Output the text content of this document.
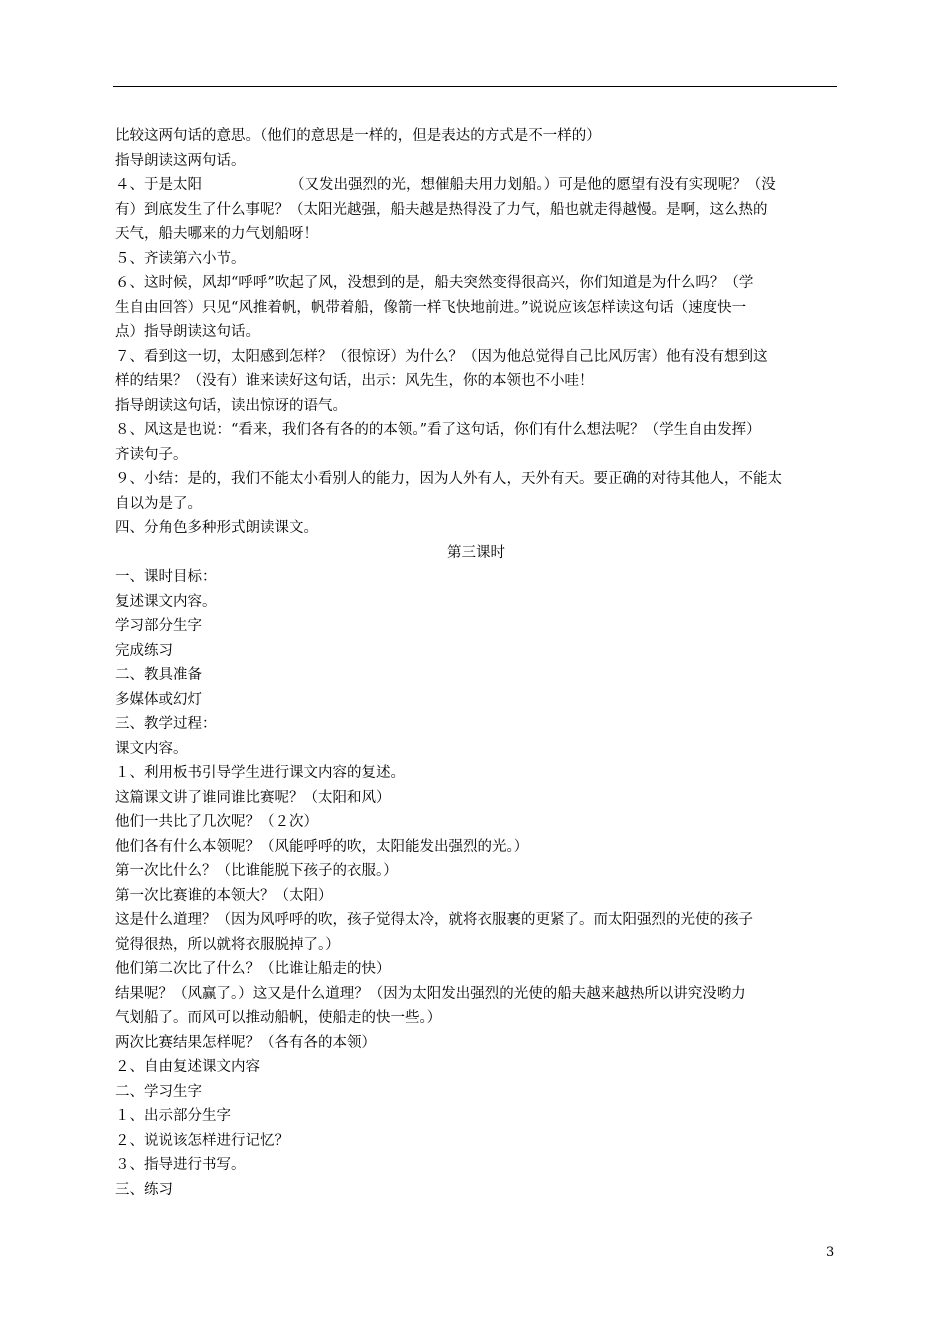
比较这两句话的意思。（他们的意思是一样的，但是表达的方式是不一样的）
指导朗读这两句话。
４、于是太阳	（又发出强烈的光，想催船夫用力划船。）可是他的愿望有没有实现呢？（没
有）到底发生了什么事呢？（太阳光越强，船夫越是热得没了力气，船也就走得越慢。是啊，这么热的
天气，船夫哪来的力气划船呀！
５、齐读第六小节。
６、这时候，风却“呼呼”吹起了风，没想到的是，船夫突然变得很高兴，你们知道是为什么吗？（学
生自由回答）只见“风推着帆，帆带着船，像箭一样飞快地前进。”说说应该怎样读这句话（速度快一
点）指导朗读这句话。
７、看到这一切，太阳感到怎样？（很惊讶）为什么？（因为他总觉得自己比风厉害）他有没有想到这
样的结果？（没有）谁来读好这句话，出示：风先生，你的本领也不小哇！
指导朗读这句话，读出惊讶的语气。
８、风这是也说：“看来，我们各有各的的本领。”看了这句话，你们有什么想法呢？（学生自由发挥）
齐读句子。
９、小结：是的，我们不能太小看别人的能力，因为人外有人，天外有天。要正确的对待其他人，不能太
自以为是了。
四、分角色多种形式朗读课文。
第三课时
一、课时目标：
复述课文内容。
学习部分生字
完成练习
二、教具准备
多媒体或幻灯
三、教学过程：
课文内容。
１、利用板书引导学生进行课文内容的复述。
这篇课文讲了谁同谁比赛呢？（太阳和风）
他们一共比了几次呢？（２次）
他们各有什么本领呢？（风能呼呼的吹，太阳能发出强烈的光。）
第一次比什么？（比谁能脱下孩子的衣服。）
第一次比赛谁的本领大？（太阳）
这是什么道理？（因为风呼呼的吹，孩子觉得太冷，就将衣服裹的更紧了。而太阳强烈的光使的孩子
觉得很热，所以就将衣服脱掉了。）
他们第二次比了什么？（比谁让船走的快）
结果呢？（风赢了。）这又是什么道理？（因为太阳发出强烈的光使的船夫越来越热所以讲究没哟力
气划船了。而风可以推动船帆，使船走的快一些。）
两次比赛结果怎样呢？（各有各的本领）
２、自由复述课文内容
二、学习生字
１、出示部分生字
２、说说该怎样进行记忆？
３、指导进行书写。
三、练习
3
